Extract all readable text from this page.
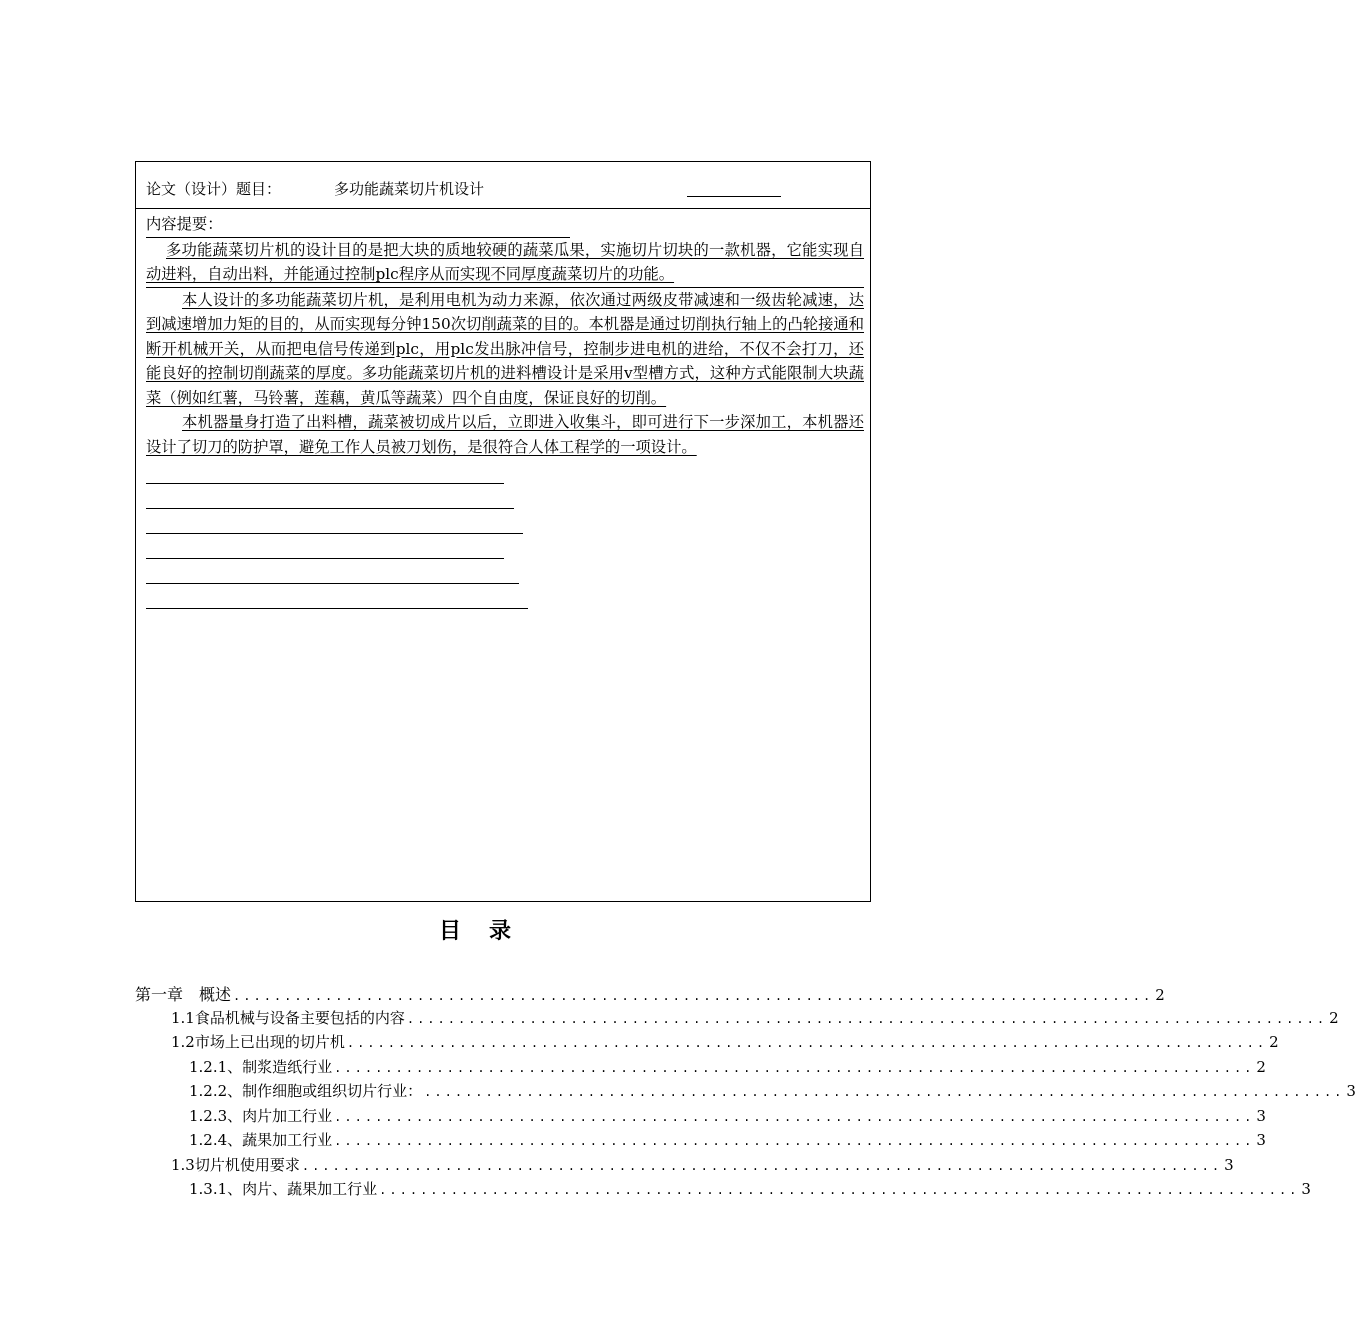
论文（设计）题目：	多功能蔬菜切片机设计
内容提要：

多功能蔬菜切片机的设计目的是把大块的质地较硬的蔬菜瓜果，实施切片切块的一款机器，它能实现自动进料，自动出料，并能通过控制plc程序从而实现不同厚度蔬菜切片的功能。

本人设计的多功能蔬菜切片机，是利用电机为动力来源，依次通过两级皮带减速和一级齿轮减速，达到减速增加力矩的目的，从而实现每分钟150次切削蔬菜的目的。本机器是通过切削执行轴上的凸轮接通和断开机械开关，从而把电信号传递到plc，用plc发出脉冲信号，控制步进电机的进给，不仅不会打刀，还能良好的控制切削蔬菜的厚度。多功能蔬菜切片机的进料槽设计是采用v型槽方式，这种方式能限制大块蔬菜（例如红薯，马铃薯，莲藕，黄瓜等蔬菜）四个自由度，保证良好的切削。

本机器量身打造了出料槽，蔬菜被切成片以后，立即进入收集斗，即可进行下一步深加工，本机器还设计了切刀的防护罩，避免工作人员被刀划伤，是很符合人体工程学的一项设计。

目录
第一章　概述 .......................................................................................... 2
1.1食品机械与设备主要包括的内容 .......................................................................................... 2
1.2市场上已出现的切片机 .......................................................................................... 2
1.2.1、制浆造纸行业 .......................................................................................... 2
1.2.2、制作细胞或组织切片行业： .......................................................................................... 3
1.2.3、肉片加工行业 .......................................................................................... 3
1.2.4、蔬果加工行业 .......................................................................................... 3
1.3切片机使用要求 .......................................................................................... 3
1.3.1、肉片、蔬果加工行业 .......................................................................................... 3
